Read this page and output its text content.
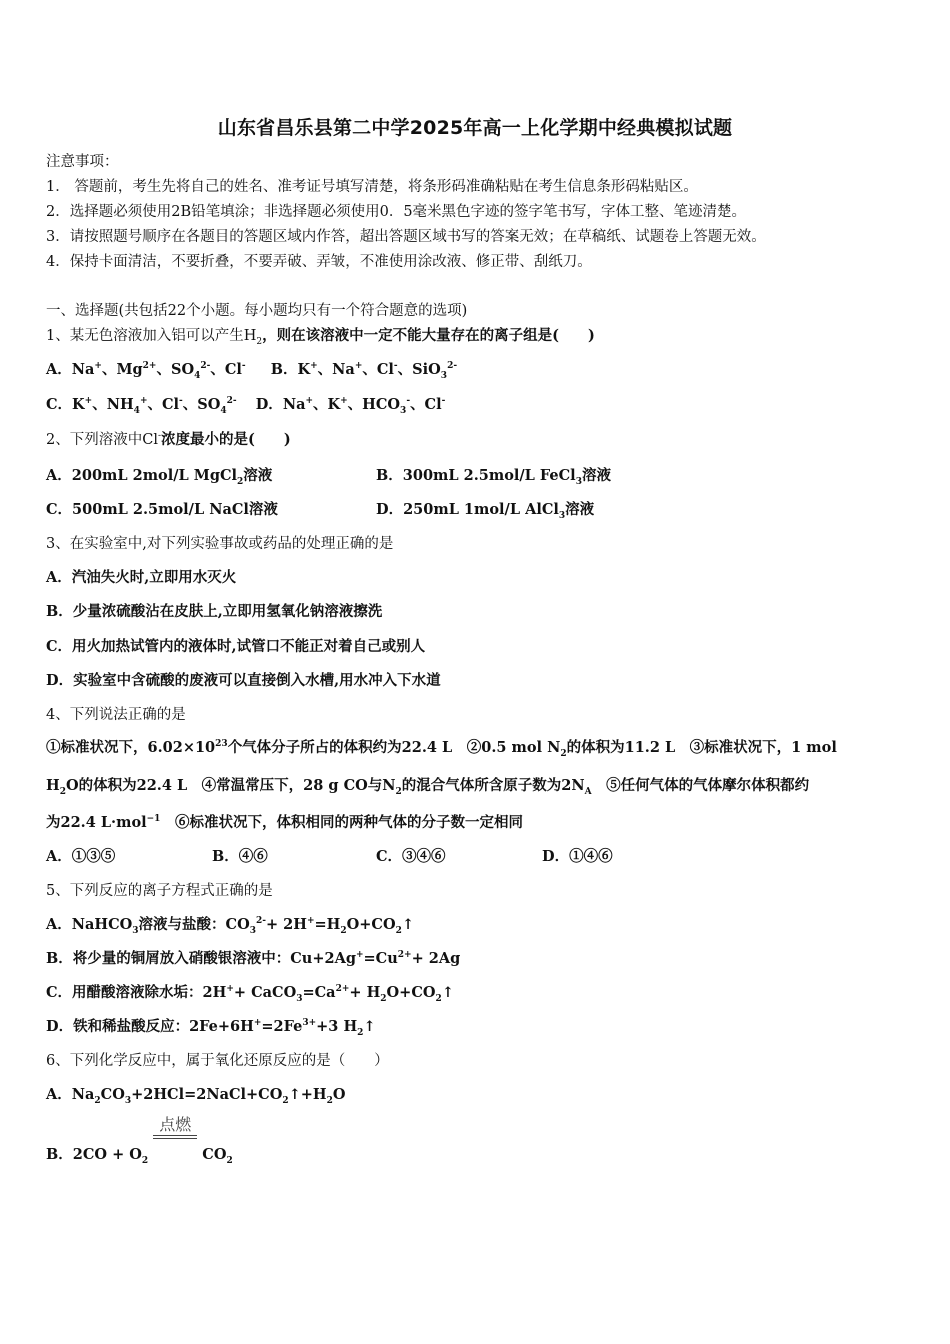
山东省昌乐县第二中学2025年高一上化学期中经典模拟试题
注意事项：
1． 答题前，考生先将自己的姓名、准考证号填写清楚，将条形码准确粘贴在考生信息条形码粘贴区。
2．选择题必须使用2B铅笔填涂；非选择题必须使用0．5毫米黑色字迹的签字笔书写，字体工整、笔迹清楚。
3．请按照题号顺序在各题目的答题区域内作答，超出答题区域书写的答案无效；在草稿纸、试题卷上答题无效。
4．保持卡面清洁，不要折叠，不要弄破、弄皱，不准使用涂改液、修正带、刮纸刀。
一、选择题(共包括22个小题。每小题均只有一个符合题意的选项)
1、某无色溶液加入铝可以产生$H_2$，则在该溶液中一定不能大量存在的离子组是(　　)
A．Na+、$Mg^{2+}$、$SO_4^{2-}$、Cl- B．K+、Na+、Cl-、SiO$_3^{2-}$
C．K+、$NH_4^+$、Cl-、$SO_4^{2-}$ D．Na+、K+、$HCO_3^-$、Cl-
2、下列溶液中Cl-浓度最小的是(　　)
A．200mL 2mol/L MgCl$_2$溶液	B．300mL 2.5mol/L FeCl$_3$溶液
C．500mL 2.5mol/L NaCl溶液	D．250mL 1mol/L AlCl$_3$溶液
3、在实验室中,对下列实验事故或药品的处理正确的是
A．汽油失火时,立即用水灭火
B．少量浓硫酸沾在皮肤上,立即用氢氧化钠溶液擦洗
C．用火加热试管内的液体时,试管口不能正对着自己或别人
D．实验室中含硫酸的废液可以直接倒入水槽,用水冲入下水道
4、下列说法正确的是
①标准状况下，$6.02\times 10^{23}$个气体分子所占的体积约为22.4 L　②0.5 mol $N_2$的体积为11.2 L　③标准状况下，1 mol
$H_2O$的体积为22.4 L　④常温常压下，28 g CO与$N_2$的混合气体所含原子数为$2N_A$　⑤任何气体的气体摩尔体积都约
为22.4 L·mol$^{-1}$　⑥标准状况下，体积相同的两种气体的分子数一定相同
A．①③⑤	B．④⑥	C．③④⑥	D．①④⑥
5、下列反应的离子方程式正确的是
A．NaHCO$_3$溶液与盐酸：$CO_3^{2-}+$ $2H^+=H_2O+CO_2↑$
B．将少量的铜屑放入硝酸银溶液中：$Cu+2Ag^+=Cu^{2+}+ 2Ag$
C．用醋酸溶液除水垢：$2H^++ CaCO_3=Ca^{2+}+$ $H_2O+CO_2↑$
D．铁和稀盐酸反应：$2Fe+6H^+=2Fe^{3+}+3$ $H_2↑$
6、下列化学反应中，属于氧化还原反应的是（　　）
A．$Na_2CO_3+2HCl=2NaCl+CO_2↑+H_2O$
B．$2CO + O_2$
点燃
$CO_2$
